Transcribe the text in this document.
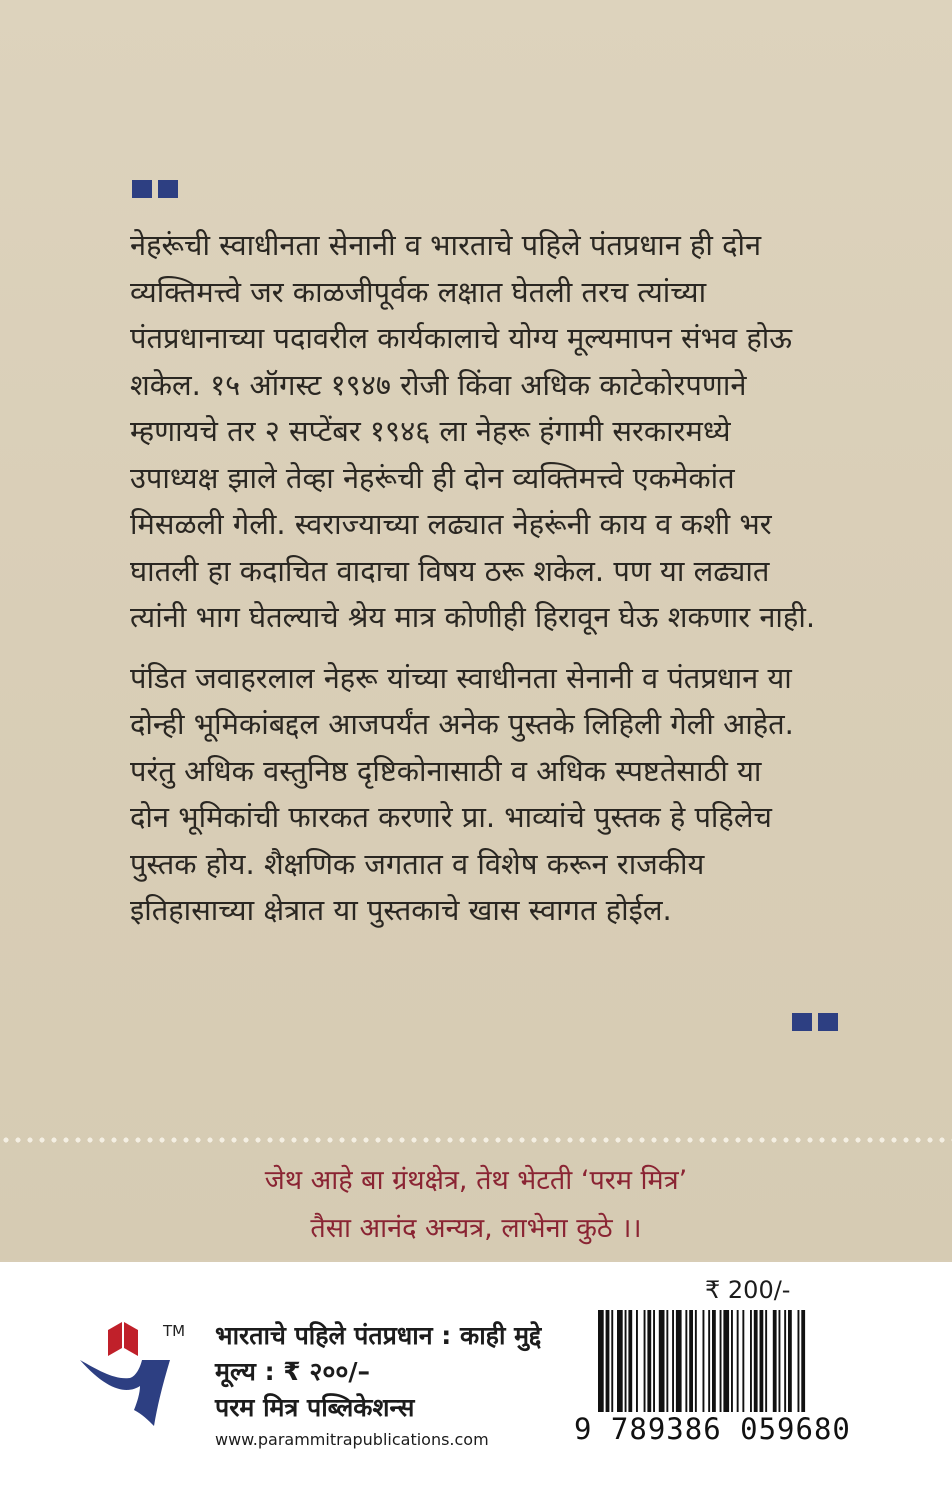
नेहरूंची स्वाधीनता सेनानी व भारताचे पहिले पंतप्रधान ही दोन
व्यक्तिमत्त्वे जर काळजीपूर्वक लक्षात घेतली तरच त्यांच्या
पंतप्रधानाच्या पदावरील कार्यकालाचे योग्य मूल्यमापन संभव होऊ
शकेल. १५ ऑगस्ट १९४७ रोजी किंवा अधिक काटेकोरपणाने
म्हणायचे तर २ सप्टेंबर १९४६ ला नेहरू हंगामी सरकारमध्ये
उपाध्यक्ष झाले तेव्हा नेहरूंची ही दोन व्यक्तिमत्त्वे एकमेकांत
मिसळली गेली. स्वराज्याच्या लढ्यात नेहरूंनी काय व कशी भर
घातली हा कदाचित वादाचा विषय ठरू शकेल. पण या लढ्यात
त्यांनी भाग घेतल्याचे श्रेय मात्र कोणीही हिरावून घेऊ शकणार नाही.

पंडित जवाहरलाल नेहरू यांच्या स्वाधीनता सेनानी व पंतप्रधान या
दोन्ही भूमिकांबद्दल आजपर्यंत अनेक पुस्तके लिहिली गेली आहेत.
परंतु अधिक वस्तुनिष्ठ दृष्टिकोनासाठी व अधिक स्पष्टतेसाठी या
दोन भूमिकांची फारकत करणारे प्रा. भाव्यांचे पुस्तक हे पहिलेच
पुस्तक होय. शैक्षणिक जगतात व विशेष करून राजकीय
इतिहासाच्या क्षेत्रात या पुस्तकाचे खास स्वागत होईल.

जेथ आहे बा ग्रंथक्षेत्र, तेथ भेटती ‘परम मित्र’
तैसा आनंद अन्यत्र, लाभेना कुठे ।।
TM भारताचे पहिले पंतप्रधान : काही मुद्दे
मूल्य : ₹ २००/–
परम मित्र पब्लिकेशन्स
www.parammitrapublications.com
₹ 200/-
9 789386 059680
